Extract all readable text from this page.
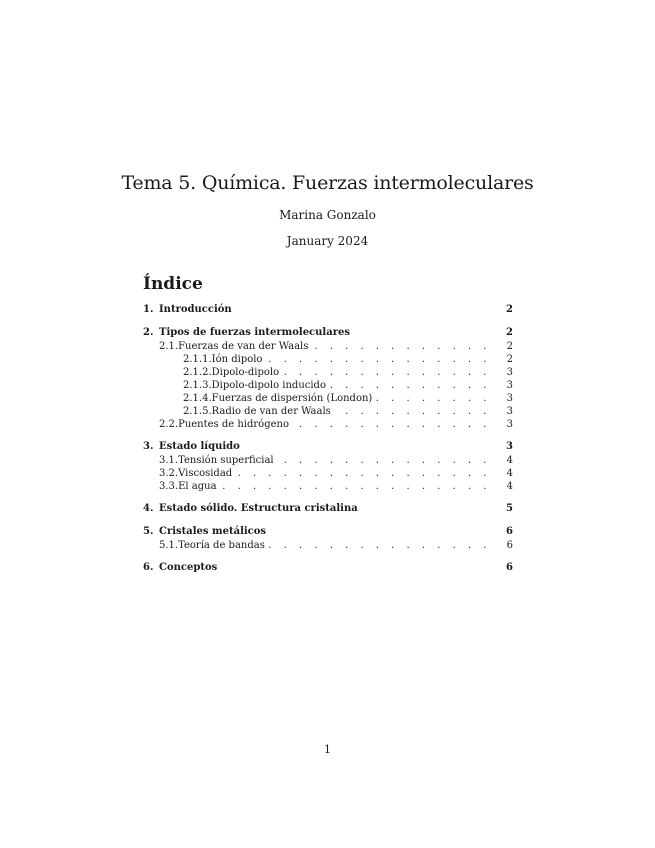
Tema 5. Química. Fuerzas intermoleculares
Marina Gonzalo
January 2024
Índice
1. Introducción	2
2. Tipos de fuerzas intermoleculares	2
2.1. Fuerzas de van der Waals . . .	2
2.1.1. Ión dipolo . . .	2
2.1.2. Dipolo-dipolo . . .	3
2.1.3. Dipolo-dipolo inducido . . .	3
2.1.4. Fuerzas de dispersión (London) . . .	3
2.1.5. Radio de van der Waals . . .	3
2.2. Puentes de hidrógeno . . .	3
3. Estado líquido	3
3.1. Tensión superficial . . .	4
3.2. Viscosidad . . .	4
3.3. El agua . . .	4
4. Estado sólido. Estructura cristalina	5
5. Cristales metálicos	6
5.1. Teoría de bandas . . .	6
6. Conceptos	6
1
